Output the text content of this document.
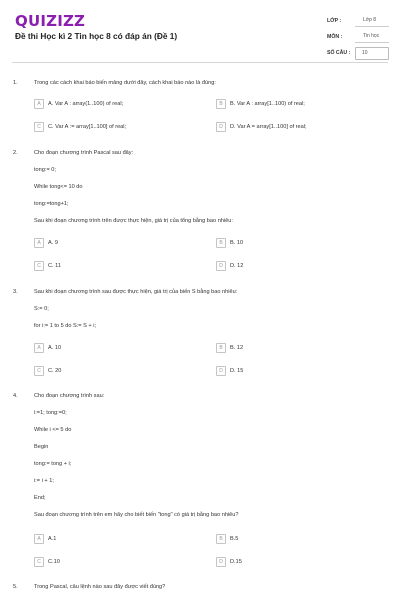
QUIZIZZ
Đề thi Học kì 2 Tin học 8 có đáp án (Đề 1)
LỚP :	Lớp 8
MÔN :	Tin học
SỐ CÂU :	10
1.	Trong các cách khai báo biến mảng dưới đây, cách khai báo nào là đúng:
A	A. Var A : array(1..100) of real;	B	B. Var A : array[1..100) of real;
C	C. Var A := array[1..100] of real;	D	D. Var A = array[1..100] of real;
2.	Cho đoạn chương trình Pascal sau đây:
tong:= 0;
While tong<= 10 do
tong:=tong+1;
Sau khi đoạn chương trình trên được thực hiện, giá trị của tổng bằng bao nhiêu:
A	A. 9	B	B. 10
C	C. 11	D	D. 12
3.	Sau khi đoạn chương trình sau được thực hiện, giá trị của biến S bằng bao nhiêu:
S:= 0;
for i:= 1 to 5 do S:= S + i;
A	A. 10	B	B. 12
C	C. 20	D	D. 15
4.	Cho đoạn chương trình sau:
i:=1; tong:=0;
While i <= 5 do
Begin
tong:= tong + i;
i:= i + 1;
End;
Sau đoạn chương trình trên em hãy cho biết biến "tong" có giá trị bằng bao nhiêu?
A	A.1	B	B.5
C	C.10	D	D.15
5.	Trong Pascal, câu lệnh nào sau đây được viết đúng?
